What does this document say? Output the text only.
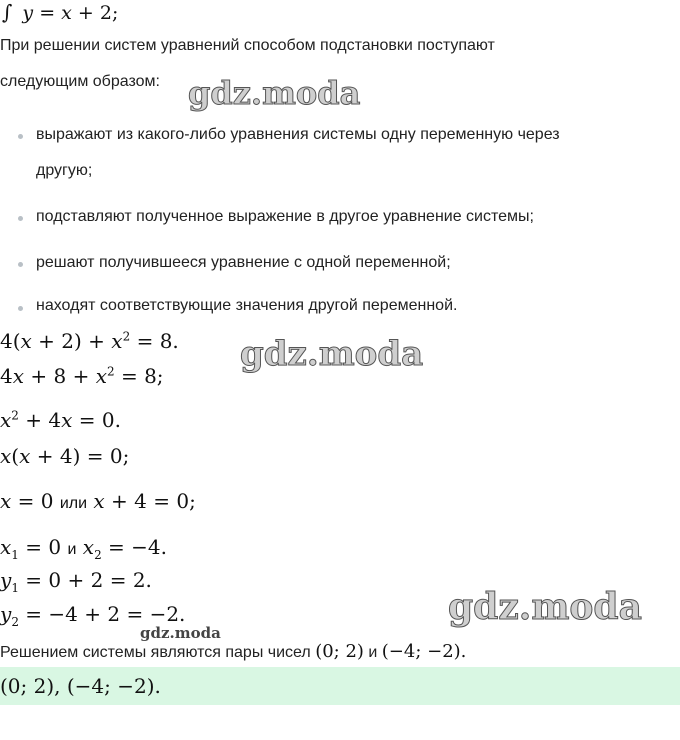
∫ y = x + 2;
При решении систем уравнений способом подстановки поступают
следующим образом: gdz.moda
выражают из какого-либо уравнения системы одну переменную через
другую;
подставляют полученное выражение в другое уравнение системы;
решают получившееся уравнение с одной переменной;
находят соответствующие значения другой переменной.
gdz.moda
$4(x + 2) + x^2 = 8$.
$4x + 8 + x^2 = 8$;
$x^2 + 4x = 0$.
x(x + 4) = 0;
x = 0 или x + 4 = 0;
$x_1 = 0$ и $x_2 = -4$.
$y_1 = 0 + 2 = 2$.
$y_2 = -4 + 2 = -2$.	gdz.moda
gdz.moda
Решением системы являются пары чисел (0; 2) и (−4; −2).
(0; 2), (−4; −2).
